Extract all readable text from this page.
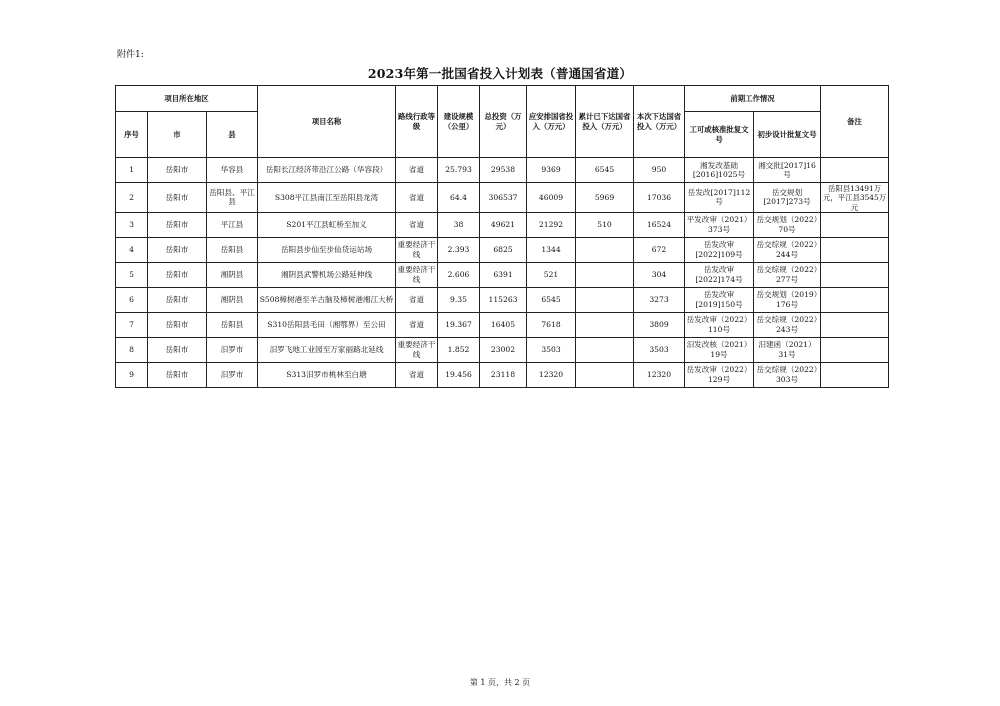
附件1:
2023年第一批国省投入计划表（普通国省道）
项目所在地区			项目名称	路线行政等级	建设规模（公里）	总投资（万元）	应安排国省投入（万元）	累计已下达国省投入（万元）	本次下达国省投入（万元）	前期工作情况		备注
序号	市	县								工可或核准批复文号	初步设计批复文号	
1	岳阳市	华容县	岳阳长江经济带沿江公路（华容段）	省道	25.793	29538	9369	6545	950	湘发改基础[2016]1025号	湘交批[2017]16号	
2	岳阳市	岳阳县、平江县	S308平江县南江至岳阳县龙湾	省道	64.4	306537	46009	5969	17036	岳发改[2017]112号	岳交规划[2017]273号	岳阳县13491万元，平江县3545万元
3	岳阳市	平江县	S201平江县虹桥至加义	省道	38	49621	21292	510	16524	平发改审（2021）373号	岳交规划（2022）70号	
4	岳阳市	岳阳县	岳阳县步仙至步仙货运站场	重要经济干线	2.393	6825	1344		672	岳发改审[2022]109号	岳交综规（2022）244号	
5	岳阳市	湘阴县	湘阴县武警机场公路延伸线	重要经济干线	2.606	6391	521		304	岳发改审[2022]174号	岳交综规（2022）277号	
6	岳阳市	湘阴县	S508樟树港至羊古脑及樟树港湘江大桥	省道	9.35	115263	6545		3273	岳发改审[2019]150号	岳交规划（2019）176号	
7	岳阳市	岳阳县	S310岳阳县毛田（湘鄂界）至公田	省道	19.367	16405	7618		3809	岳发改审（2022）110号	岳交综规（2022）243号	
8	岳阳市	汨罗市	汨罗飞地工业园至万家丽路北延线	重要经济干线	1.852	23002	3503		3503	汨发改核（2021）19号	汨建函（2021）31号	
9	岳阳市	汨罗市	S313汨罗市桃林至白塘	省道	19.456	23118	12320		12320	岳发改审（2022）129号	岳交综规（2022）303号	
第 1 页，共 2 页
